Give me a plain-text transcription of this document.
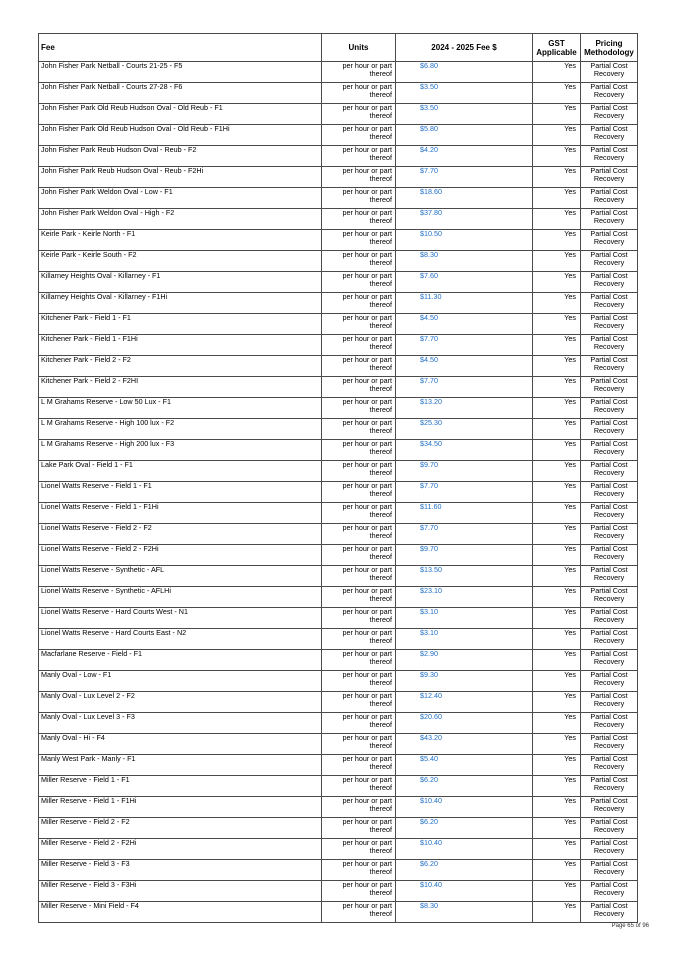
Fee	Units	2024 - 2025 Fee $	GST Applicable	Pricing Methodology
John Fisher Park Netball - Courts 21-25 - F5	per hour or part thereof	$6.80	Yes	Partial Cost Recovery
John Fisher Park Netball - Courts 27-28 - F6	per hour or part thereof	$3.50	Yes	Partial Cost Recovery
John Fisher Park Old Reub Hudson Oval - Old Reub - F1	per hour or part thereof	$3.50	Yes	Partial Cost Recovery
John Fisher Park Old Reub Hudson Oval - Old Reub - F1Hi	per hour or part thereof	$5.80	Yes	Partial Cost Recovery
John Fisher Park Reub Hudson Oval - Reub - F2	per hour or part thereof	$4.20	Yes	Partial Cost Recovery
John Fisher Park Reub Hudson Oval - Reub - F2Hi	per hour or part thereof	$7.70	Yes	Partial Cost Recovery
John Fisher Park Weldon Oval - Low - F1	per hour or part thereof	$18.60	Yes	Partial Cost Recovery
John Fisher Park Weldon Oval - High - F2	per hour or part thereof	$37.80	Yes	Partial Cost Recovery
Keirle Park - Keirle North - F1	per hour or part thereof	$10.50	Yes	Partial Cost Recovery
Keirle Park - Keirle South - F2	per hour or part thereof	$8.30	Yes	Partial Cost Recovery
Killarney Heights Oval - Killarney - F1	per hour or part thereof	$7.60	Yes	Partial Cost Recovery
Killarney Heights Oval - Killarney - F1Hi	per hour or part thereof	$11.30	Yes	Partial Cost Recovery
Kitchener Park - Field 1 - F1	per hour or part thereof	$4.50	Yes	Partial Cost Recovery
Kitchener Park - Field 1 - F1Hi	per hour or part thereof	$7.70	Yes	Partial Cost Recovery
Kitchener Park - Field 2 - F2	per hour or part thereof	$4.50	Yes	Partial Cost Recovery
Kitchener Park - Field 2 - F2HI	per hour or part thereof	$7.70	Yes	Partial Cost Recovery
L M Grahams Reserve - Low 50 Lux - F1	per hour or part thereof	$13.20	Yes	Partial Cost Recovery
L M Grahams Reserve - High 100 lux - F2	per hour or part thereof	$25.30	Yes	Partial Cost Recovery
L M Grahams Reserve - High 200 lux - F3	per hour or part thereof	$34.50	Yes	Partial Cost Recovery
Lake Park Oval - Field 1 - F1	per hour or part thereof	$9.70	Yes	Partial Cost Recovery
Lionel Watts Reserve - Field 1 - F1	per hour or part thereof	$7.70	Yes	Partial Cost Recovery
Lionel Watts Reserve - Field 1 - F1Hi	per hour or part thereof	$11.60	Yes	Partial Cost Recovery
Lionel Watts Reserve - Field 2 - F2	per hour or part thereof	$7.70	Yes	Partial Cost Recovery
Lionel Watts Reserve - Field 2 - F2Hi	per hour or part thereof	$9.70	Yes	Partial Cost Recovery
Lionel Watts Reserve - Synthetic - AFL	per hour or part thereof	$13.50	Yes	Partial Cost Recovery
Lionel Watts Reserve - Synthetic - AFLHi	per hour or part thereof	$23.10	Yes	Partial Cost Recovery
Lionel Watts Reserve - Hard Courts West - N1	per hour or part thereof	$3.10	Yes	Partial Cost Recovery
Lionel Watts Reserve - Hard Courts East - N2	per hour or part thereof	$3.10	Yes	Partial Cost Recovery
Macfarlane Reserve - Field - F1	per hour or part thereof	$2.90	Yes	Partial Cost Recovery
Manly Oval - Low - F1	per hour or part thereof	$9.30	Yes	Partial Cost Recovery
Manly Oval - Lux Level 2 - F2	per hour or part thereof	$12.40	Yes	Partial Cost Recovery
Manly Oval - Lux Level 3 - F3	per hour or part thereof	$20.60	Yes	Partial Cost Recovery
Manly Oval - Hi - F4	per hour or part thereof	$43.20	Yes	Partial Cost Recovery
Manly West Park - Manly - F1	per hour or part thereof	$5.40	Yes	Partial Cost Recovery
Miller Reserve - Field 1 - F1	per hour or part thereof	$6.20	Yes	Partial Cost Recovery
Miller Reserve - Field 1 - F1Hi	per hour or part thereof	$10.40	Yes	Partial Cost Recovery
Miller Reserve - Field 2 - F2	per hour or part thereof	$6.20	Yes	Partial Cost Recovery
Miller Reserve - Field 2 - F2Hi	per hour or part thereof	$10.40	Yes	Partial Cost Recovery
Miller Reserve - Field 3 - F3	per hour or part thereof	$6.20	Yes	Partial Cost Recovery
Miller Reserve - Field 3 - F3Hi	per hour or part thereof	$10.40	Yes	Partial Cost Recovery
Miller Reserve - Mini Field - F4	per hour or part thereof	$8.30	Yes	Partial Cost Recovery
Page 65 of 96
